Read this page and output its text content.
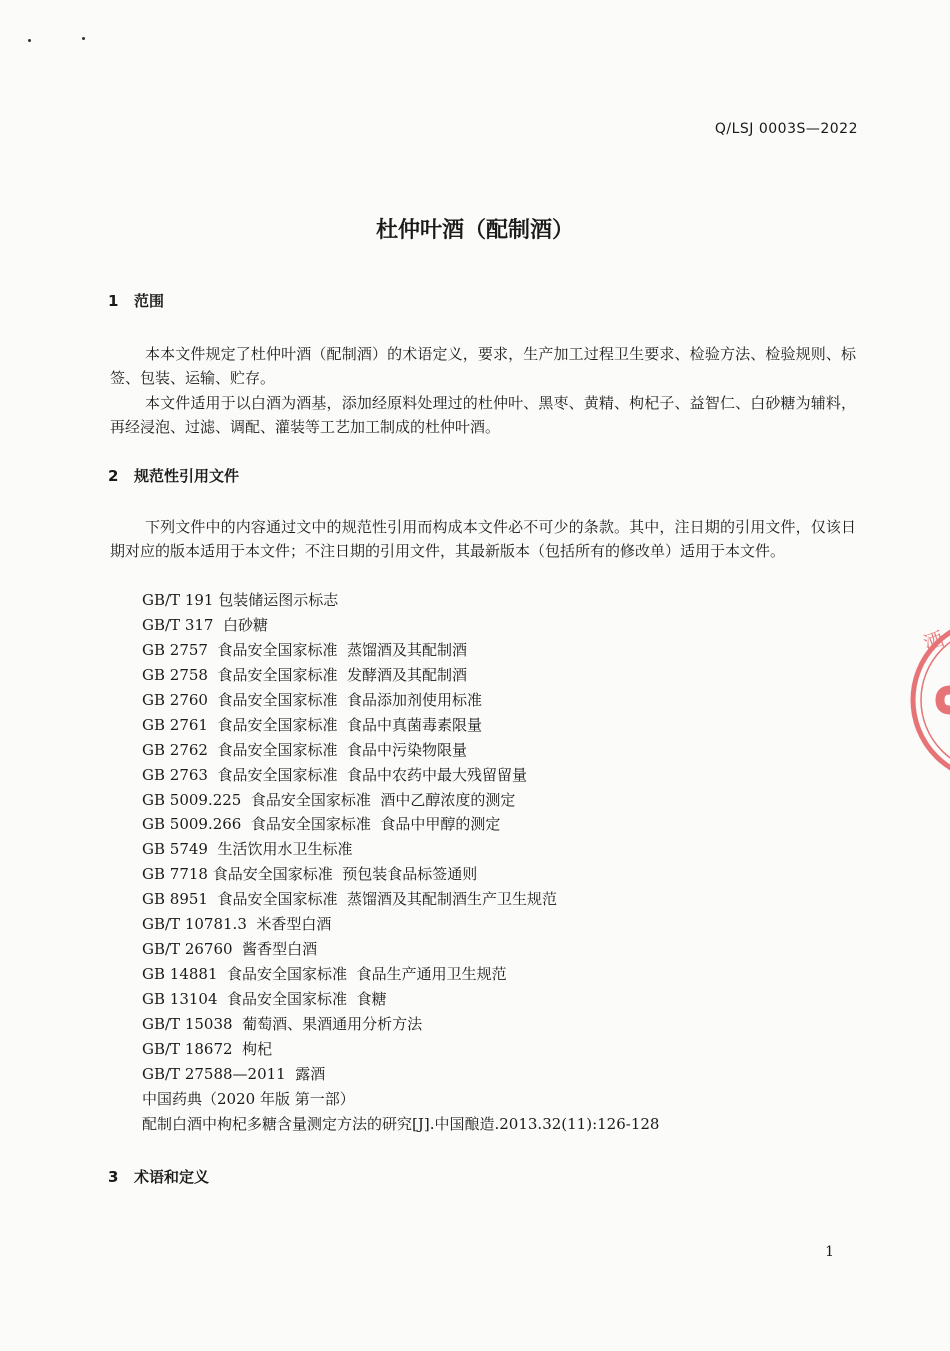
Q/LSJ 0003S—2022
杜仲叶酒（配制酒）
1 范围

本本文件规定了杜仲叶酒（配制酒）的术语定义，要求，生产加工过程卫生要求、检验方法、检验规则、标签、包装、运输、贮存。

本文件适用于以白酒为酒基，添加经原料处理过的杜仲叶、黑枣、黄精、枸杞子、益智仁、白砂糖为辅料，再经浸泡、过滤、调配、灌装等工艺加工制成的杜仲叶酒。

2 规范性引用文件

下列文件中的内容通过文中的规范性引用而构成本文件必不可少的条款。其中，注日期的引用文件，仅该日期对应的版本适用于本文件；不注日期的引用文件，其最新版本（包括所有的修改单）适用于本文件。

GB/T 191 包装储运图示标志
GB/T 317  白砂糖
GB 2757  食品安全国家标准  蒸馏酒及其配制酒
GB 2758  食品安全国家标准  发酵酒及其配制酒
GB 2760  食品安全国家标准  食品添加剂使用标准
GB 2761  食品安全国家标准  食品中真菌毒素限量
GB 2762  食品安全国家标准  食品中污染物限量
GB 2763  食品安全国家标准  食品中农药中最大残留留量
GB 5009.225  食品安全国家标准  酒中乙醇浓度的测定
GB 5009.266  食品安全国家标准  食品中甲醇的测定
GB 5749  生活饮用水卫生标准
GB 7718 食品安全国家标准  预包装食品标签通则
GB 8951  食品安全国家标准  蒸馏酒及其配制酒生产卫生规范
GB/T 10781.3  米香型白酒
GB/T 26760  酱香型白酒
GB 14881  食品安全国家标准  食品生产通用卫生规范
GB 13104  食品安全国家标准  食糖
GB/T 15038  葡萄酒、果酒通用分析方法
GB/T 18672  枸杞
GB/T 27588—2011  露酒
中国药典（2020 年版 第一部）
配制白酒中枸杞多糖含量测定方法的研究[J].中国酿造.2013.32(11):126-128
3 术语和定义
1
酒
